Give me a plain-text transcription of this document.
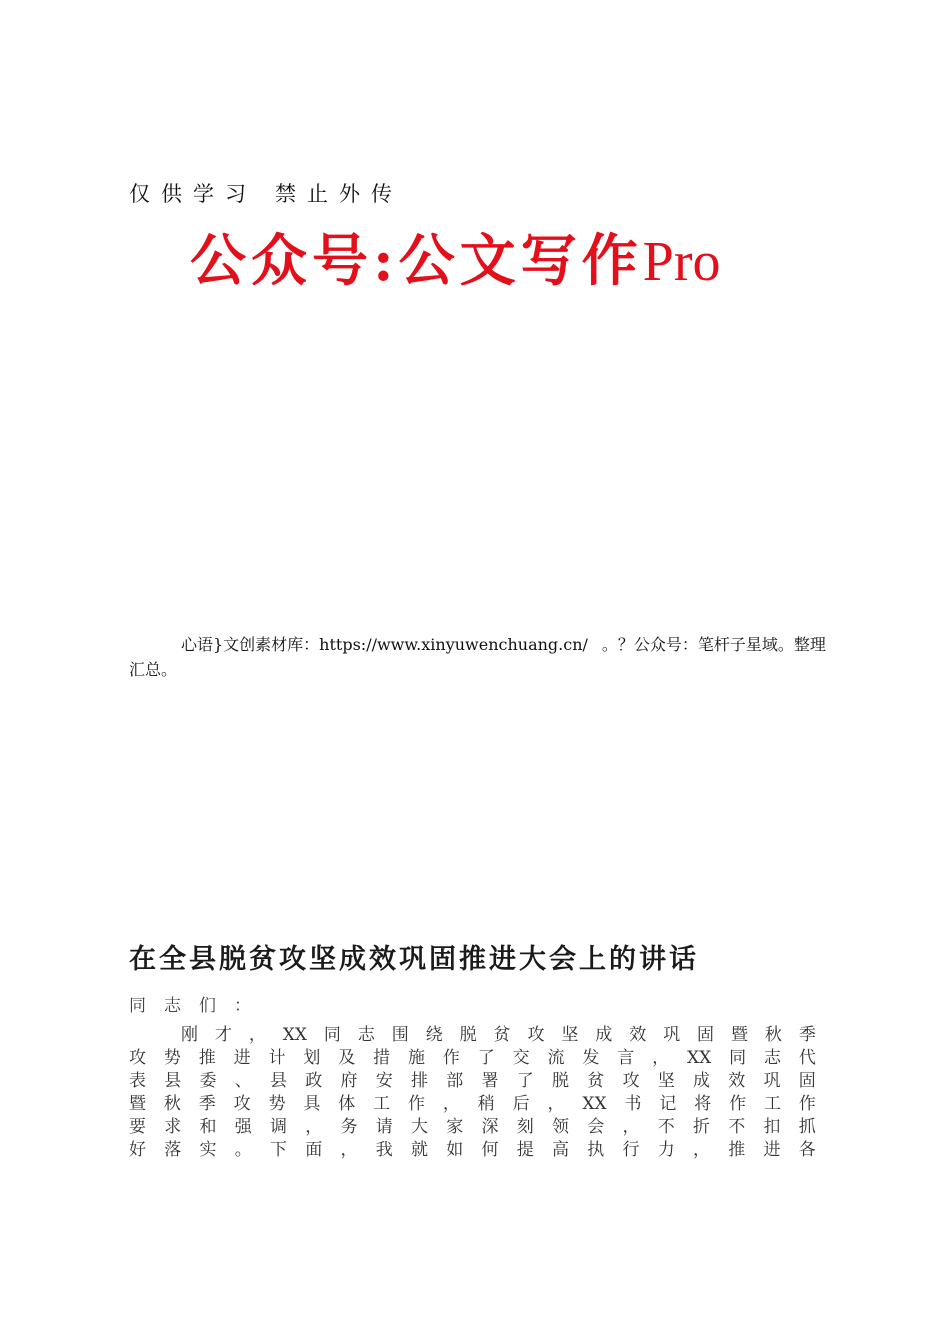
仅供学习 禁止外传
公众号:公文写作Pro
心语}文创素材库：https://www.xinyuwenchuang.cn/ 。？公众号：笔杆子星域。整理汇总。
在全县脱贫攻坚成效巩固推进大会上的讲话
同志们：
刚 才 ， XX 同 志 围 绕 脱 贫 攻 坚 成 效 巩 固 暨 秋 季
攻 势 推 进 计 划 及 措 施 作 了 交 流 发 言 ， XX 同 志 代
表 县 委 、 县 政 府 安 排 部 署 了 脱 贫 攻 坚 成 效 巩 固
暨 秋 季 攻 势 具 体 工 作 ， 稍 后 ， XX 书 记 将 作 工 作
要 求 和 强 调 ， 务 请 大 家 深 刻 领 会 ， 不 折 不 扣 抓
好 落 实 。 下 面 ， 我 就 如 何 提 高 执 行 力 ， 推 进 各
